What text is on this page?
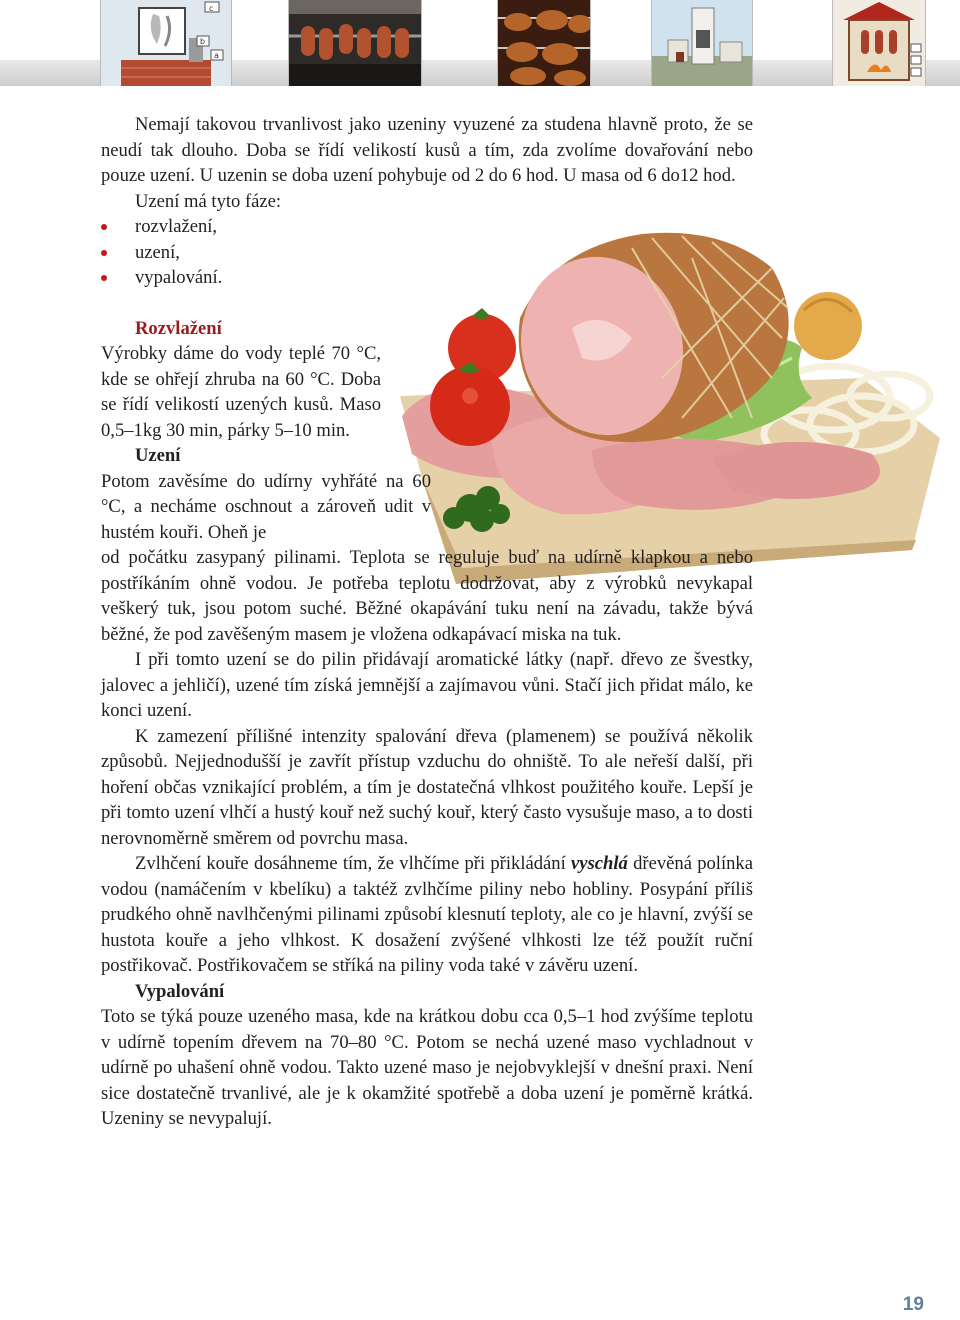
c
b
a

Nemají takovou trvanlivost jako uzeniny vyuzené za studena hlavně proto, že se neudí tak dlouho. Doba se řídí velikostí kusů a tím, zda zvolíme dovařování nebo pouze uzení. U uzenin se doba uzení pohybuje od 2 do 6 hod. U masa od 6 do12 hod.

Uzení má tyto fáze:

rozvlažení,
uzení,
vypalování.

Rozvlažení

Výrobky dáme do vody teplé 70 °C, kde se ohřejí zhruba na 60 °C. Doba se řídí velikostí uzených kusů. Maso 0,5–1kg 30 min, párky 5–10 min.

Uzení

Potom zavěsíme do udírny vyhřáté na 60 °C, a necháme oschnout a zároveň udit v hustém kouři. Oheň je

od počátku zasypaný pilinami. Teplota se reguluje buď na udírně klapkou a nebo postříkáním ohně vodou. Je potřeba teplotu dodržovat, aby z výrobků nevykapal veškerý tuk, jsou potom suché. Běžné okapávání tuku není na závadu, takže bývá běžné, že pod zavěšeným masem je vložena odkapávací miska na tuk.

I při tomto uzení se do pilin přidávají aromatické látky (např. dřevo ze švestky, jalovec a jehličí), uzené tím získá jemnější a zajímavou vůni. Stačí jich přidat málo, ke konci uzení.

K zamezení přílišné intenzity spalování dřeva (plamenem) se používá několik způsobů. Nejjednodušší je zavřít přístup vzduchu do ohniště. To ale neřeší další, při hoření občas vznikající problém, a tím je dostatečná vlhkost použitého kouře. Lepší je při tomto uzení vlhčí a hustý kouř než suchý kouř, který často vysušuje maso, a to dosti nerovnoměrně směrem od povrchu masa.

Zvlhčení kouře dosáhneme tím, že vlhčíme při přikládání vyschlá dřevěná polínka vodou (namáčením v kbelíku) a taktéž zvlhčíme piliny nebo hobliny. Posypání příliš prudkého ohně navlhčenými pilinami způsobí klesnutí teploty, ale co je hlavní, zvýší se hustota kouře a jeho vlhkost. K dosažení zvýšené vlhkosti lze též použít ruční postřikovač. Postřikovačem se stříká na piliny voda také v závěru uzení.

Vypalování

Toto se týká pouze uzeného masa, kde na krátkou dobu cca 0,5–1 hod zvýšíme teplotu v udírně topením dřevem na 70–80 °C. Potom se nechá uzené maso vychladnout v udírně po uhašení ohně vodou. Takto uzené maso je nejobvyklejší v dnešní praxi. Není sice dostatečně trvanlivé, ale je k okamžité spotřebě a doba uzení je poměrně krátká. Uzeniny se nevypalují.

19
